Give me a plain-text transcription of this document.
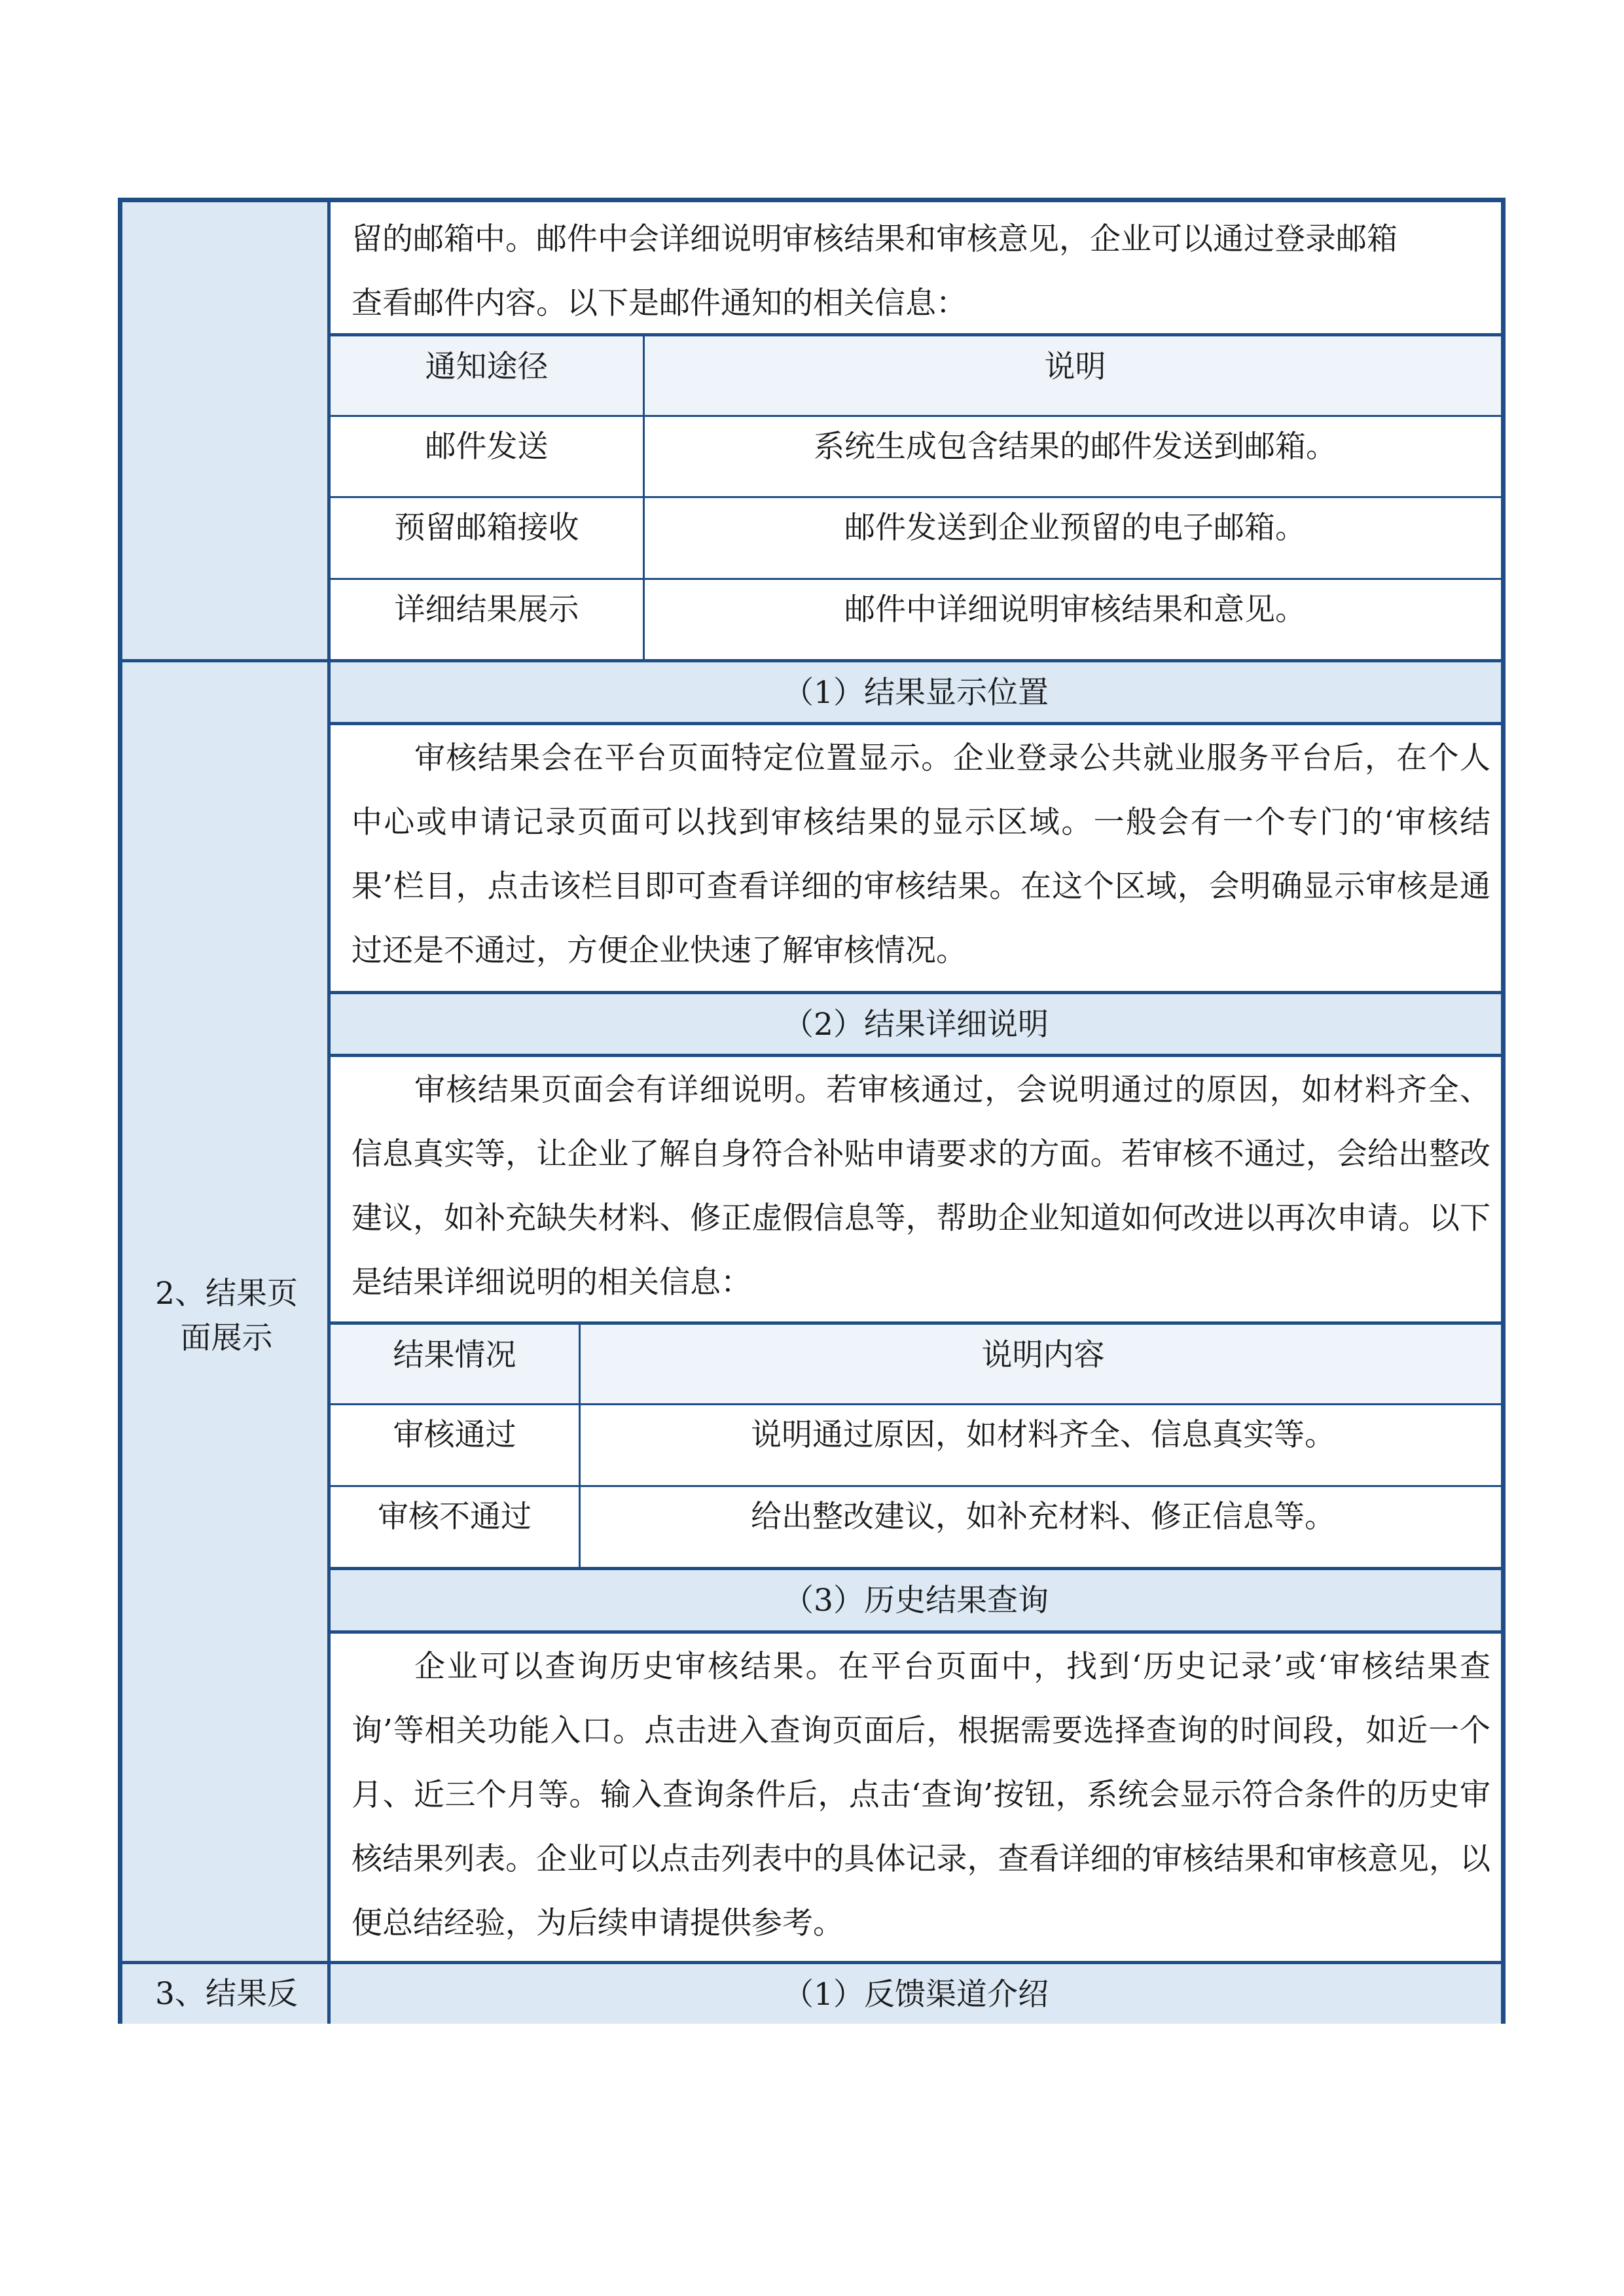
留的邮箱中。邮件中会详细说明审核结果和审核意见，企业可以通过登录邮箱
查看邮件内容。以下是邮件通知的相关信息：
通知途径	说明
邮件发送	系统生成包含结果的邮件发送到邮箱。
预留邮箱接收	邮件发送到企业预留的电子邮箱。
详细结果展示	邮件中详细说明审核结果和意见。
2、结果页
面展示
（1）结果显示位置
审核结果会在平台页面特定位置显示。企业登录公共就业服务平台后，在个人中心或申请记录页面可以找到审核结果的显示区域。一般会有一个专门的‘审核结果’栏目，点击该栏目即可查看详细的审核结果。在这个区域，会明确显示审核是通过还是不通过，方便企业快速了解审核情况。
（2）结果详细说明
审核结果页面会有详细说明。若审核通过，会说明通过的原因，如材料齐全、信息真实等，让企业了解自身符合补贴申请要求的方面。若审核不通过，会给出整改建议，如补充缺失材料、修正虚假信息等，帮助企业知道如何改进以再次申请。以下是结果详细说明的相关信息：
结果情况	说明内容
审核通过	说明通过原因，如材料齐全、信息真实等。
审核不通过	给出整改建议，如补充材料、修正信息等。
（3）历史结果查询
企业可以查询历史审核结果。在平台页面中，找到‘历史记录’或‘审核结果查询’等相关功能入口。点击进入查询页面后，根据需要选择查询的时间段，如近一个月、近三个月等。输入查询条件后，点击‘查询’按钮，系统会显示符合条件的历史审核结果列表。企业可以点击列表中的具体记录，查看详细的审核结果和审核意见，以便总结经验，为后续申请提供参考。
3、结果反	（1）反馈渠道介绍
